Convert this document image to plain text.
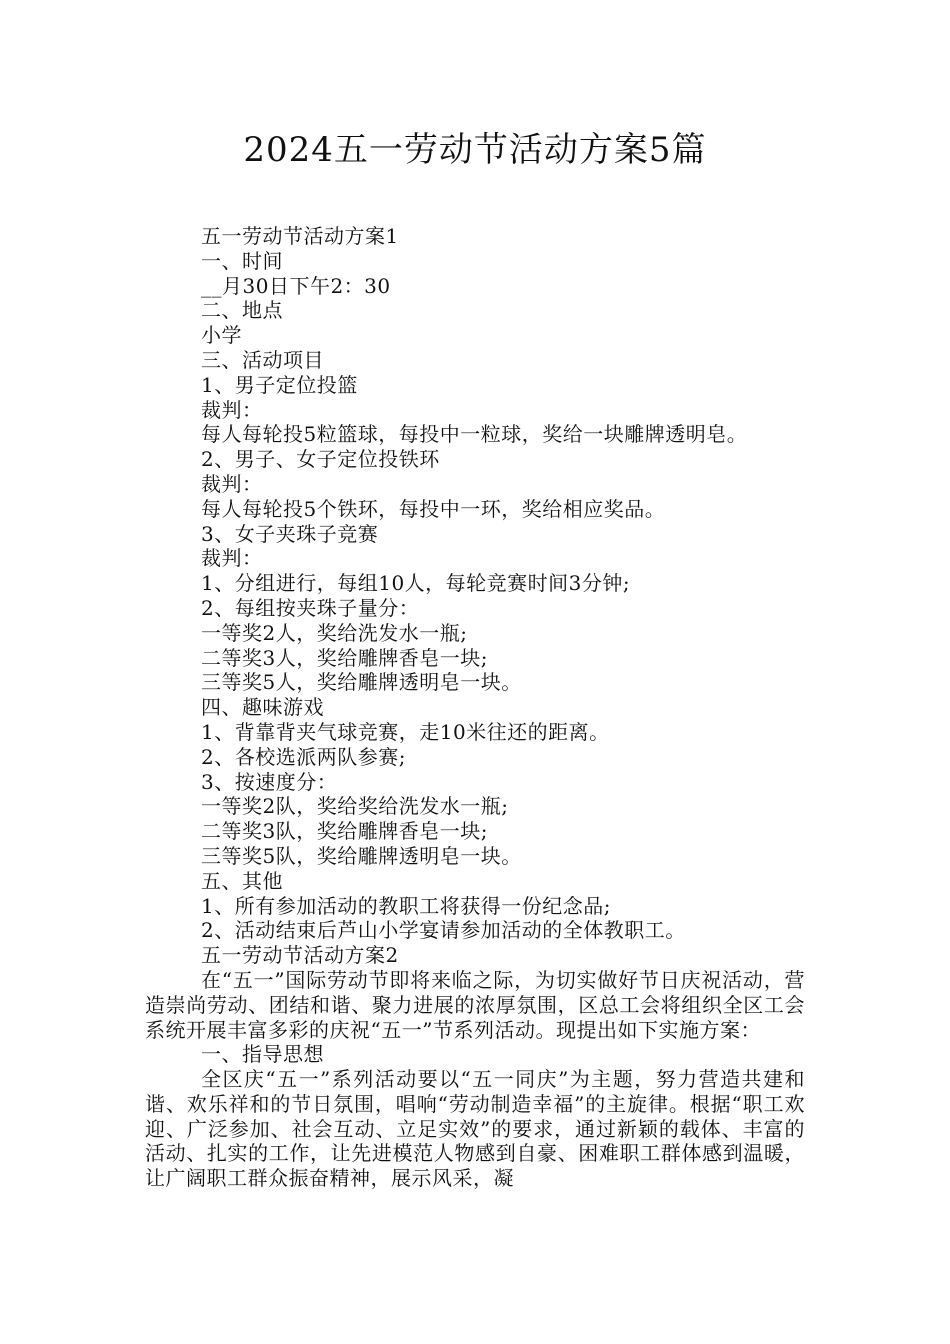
2024五一劳动节活动方案5篇
五一劳动节活动方案1
一、时间
__月30日下午2：30
二、地点
小学
三、活动项目
1、男子定位投篮
裁判：
每人每轮投5粒篮球，每投中一粒球，奖给一块雕牌透明皂。
2、男子、女子定位投铁环
裁判：
每人每轮投5个铁环，每投中一环，奖给相应奖品。
3、女子夹珠子竞赛
裁判：
1、分组进行，每组10人，每轮竞赛时间3分钟;
2、每组按夹珠子量分：
一等奖2人，奖给洗发水一瓶;
二等奖3人，奖给雕牌香皂一块;
三等奖5人，奖给雕牌透明皂一块。
四、趣味游戏
1、背靠背夹气球竞赛，走10米往还的距离。
2、各校选派两队参赛;
3、按速度分：
一等奖2队，奖给奖给洗发水一瓶;
二等奖3队，奖给雕牌香皂一块;
三等奖5队，奖给雕牌透明皂一块。
五、其他
1、所有参加活动的教职工将获得一份纪念品;
2、活动结束后芦山小学宴请参加活动的全体教职工。
五一劳动节活动方案2

在“五一”国际劳动节即将来临之际，为切实做好节日庆祝活动，营造崇尚劳动、团结和谐、聚力进展的浓厚氛围，区总工会将组织全区工会系统开展丰富多彩的庆祝“五一”节系列活动。现提出如下实施方案：

一、指导思想

全区庆“五一”系列活动要以“五一同庆”为主题，努力营造共建和谐、欢乐祥和的节日氛围，唱响“劳动制造幸福”的主旋律。根据“职工欢迎、广泛参加、社会互动、立足实效”的要求，通过新颖的载体、丰富的活动、扎实的工作，让先进模范人物感到自豪、困难职工群体感到温暖，让广阔职工群众振奋精神，展示风采，凝
